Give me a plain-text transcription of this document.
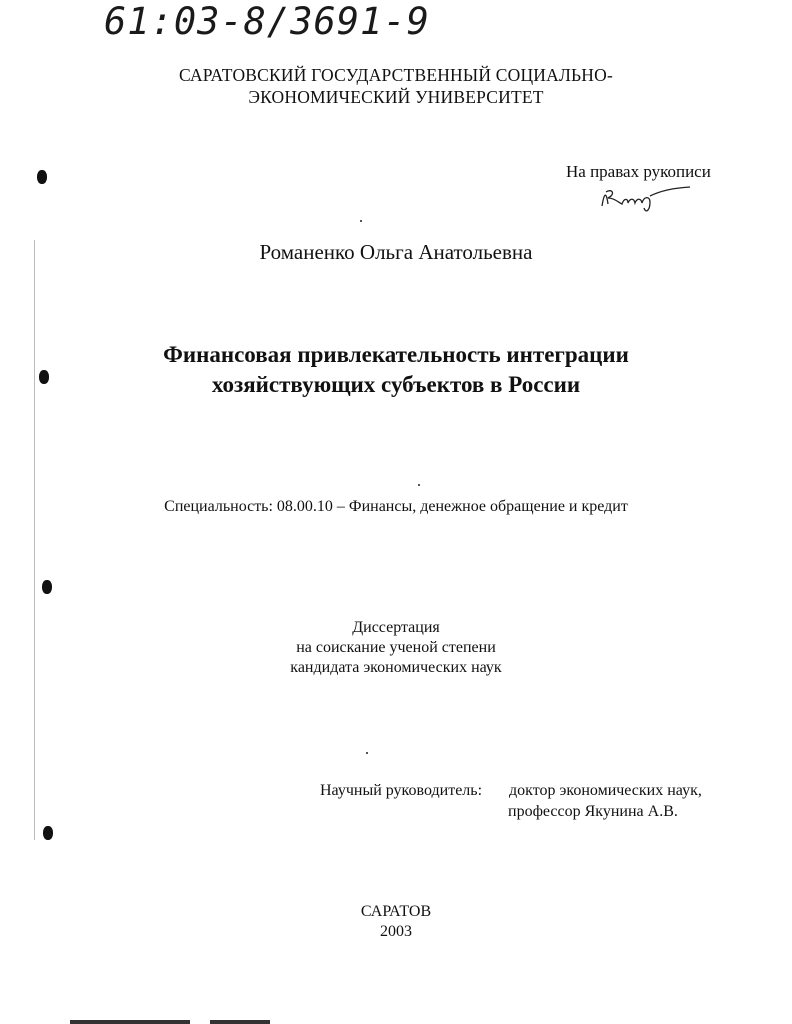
61:03-8/3691-9
САРАТОВСКИЙ ГОСУДАРСТВЕННЫЙ СОЦИАЛЬНО-
ЭКОНОМИЧЕСКИЙ УНИВЕРСИТЕТ
На правах рукописи
Романенко Ольга Анатольевна
Финансовая привлекательность интеграции
хозяйствующих субъектов в России
Специальность: 08.00.10 – Финансы, денежное обращение и кредит
Диссертация
на соискание ученой степени
кандидата экономических наук
Научный руководитель: доктор экономических наук,
профессор Якунина А.В.
САРАТОВ
2003
